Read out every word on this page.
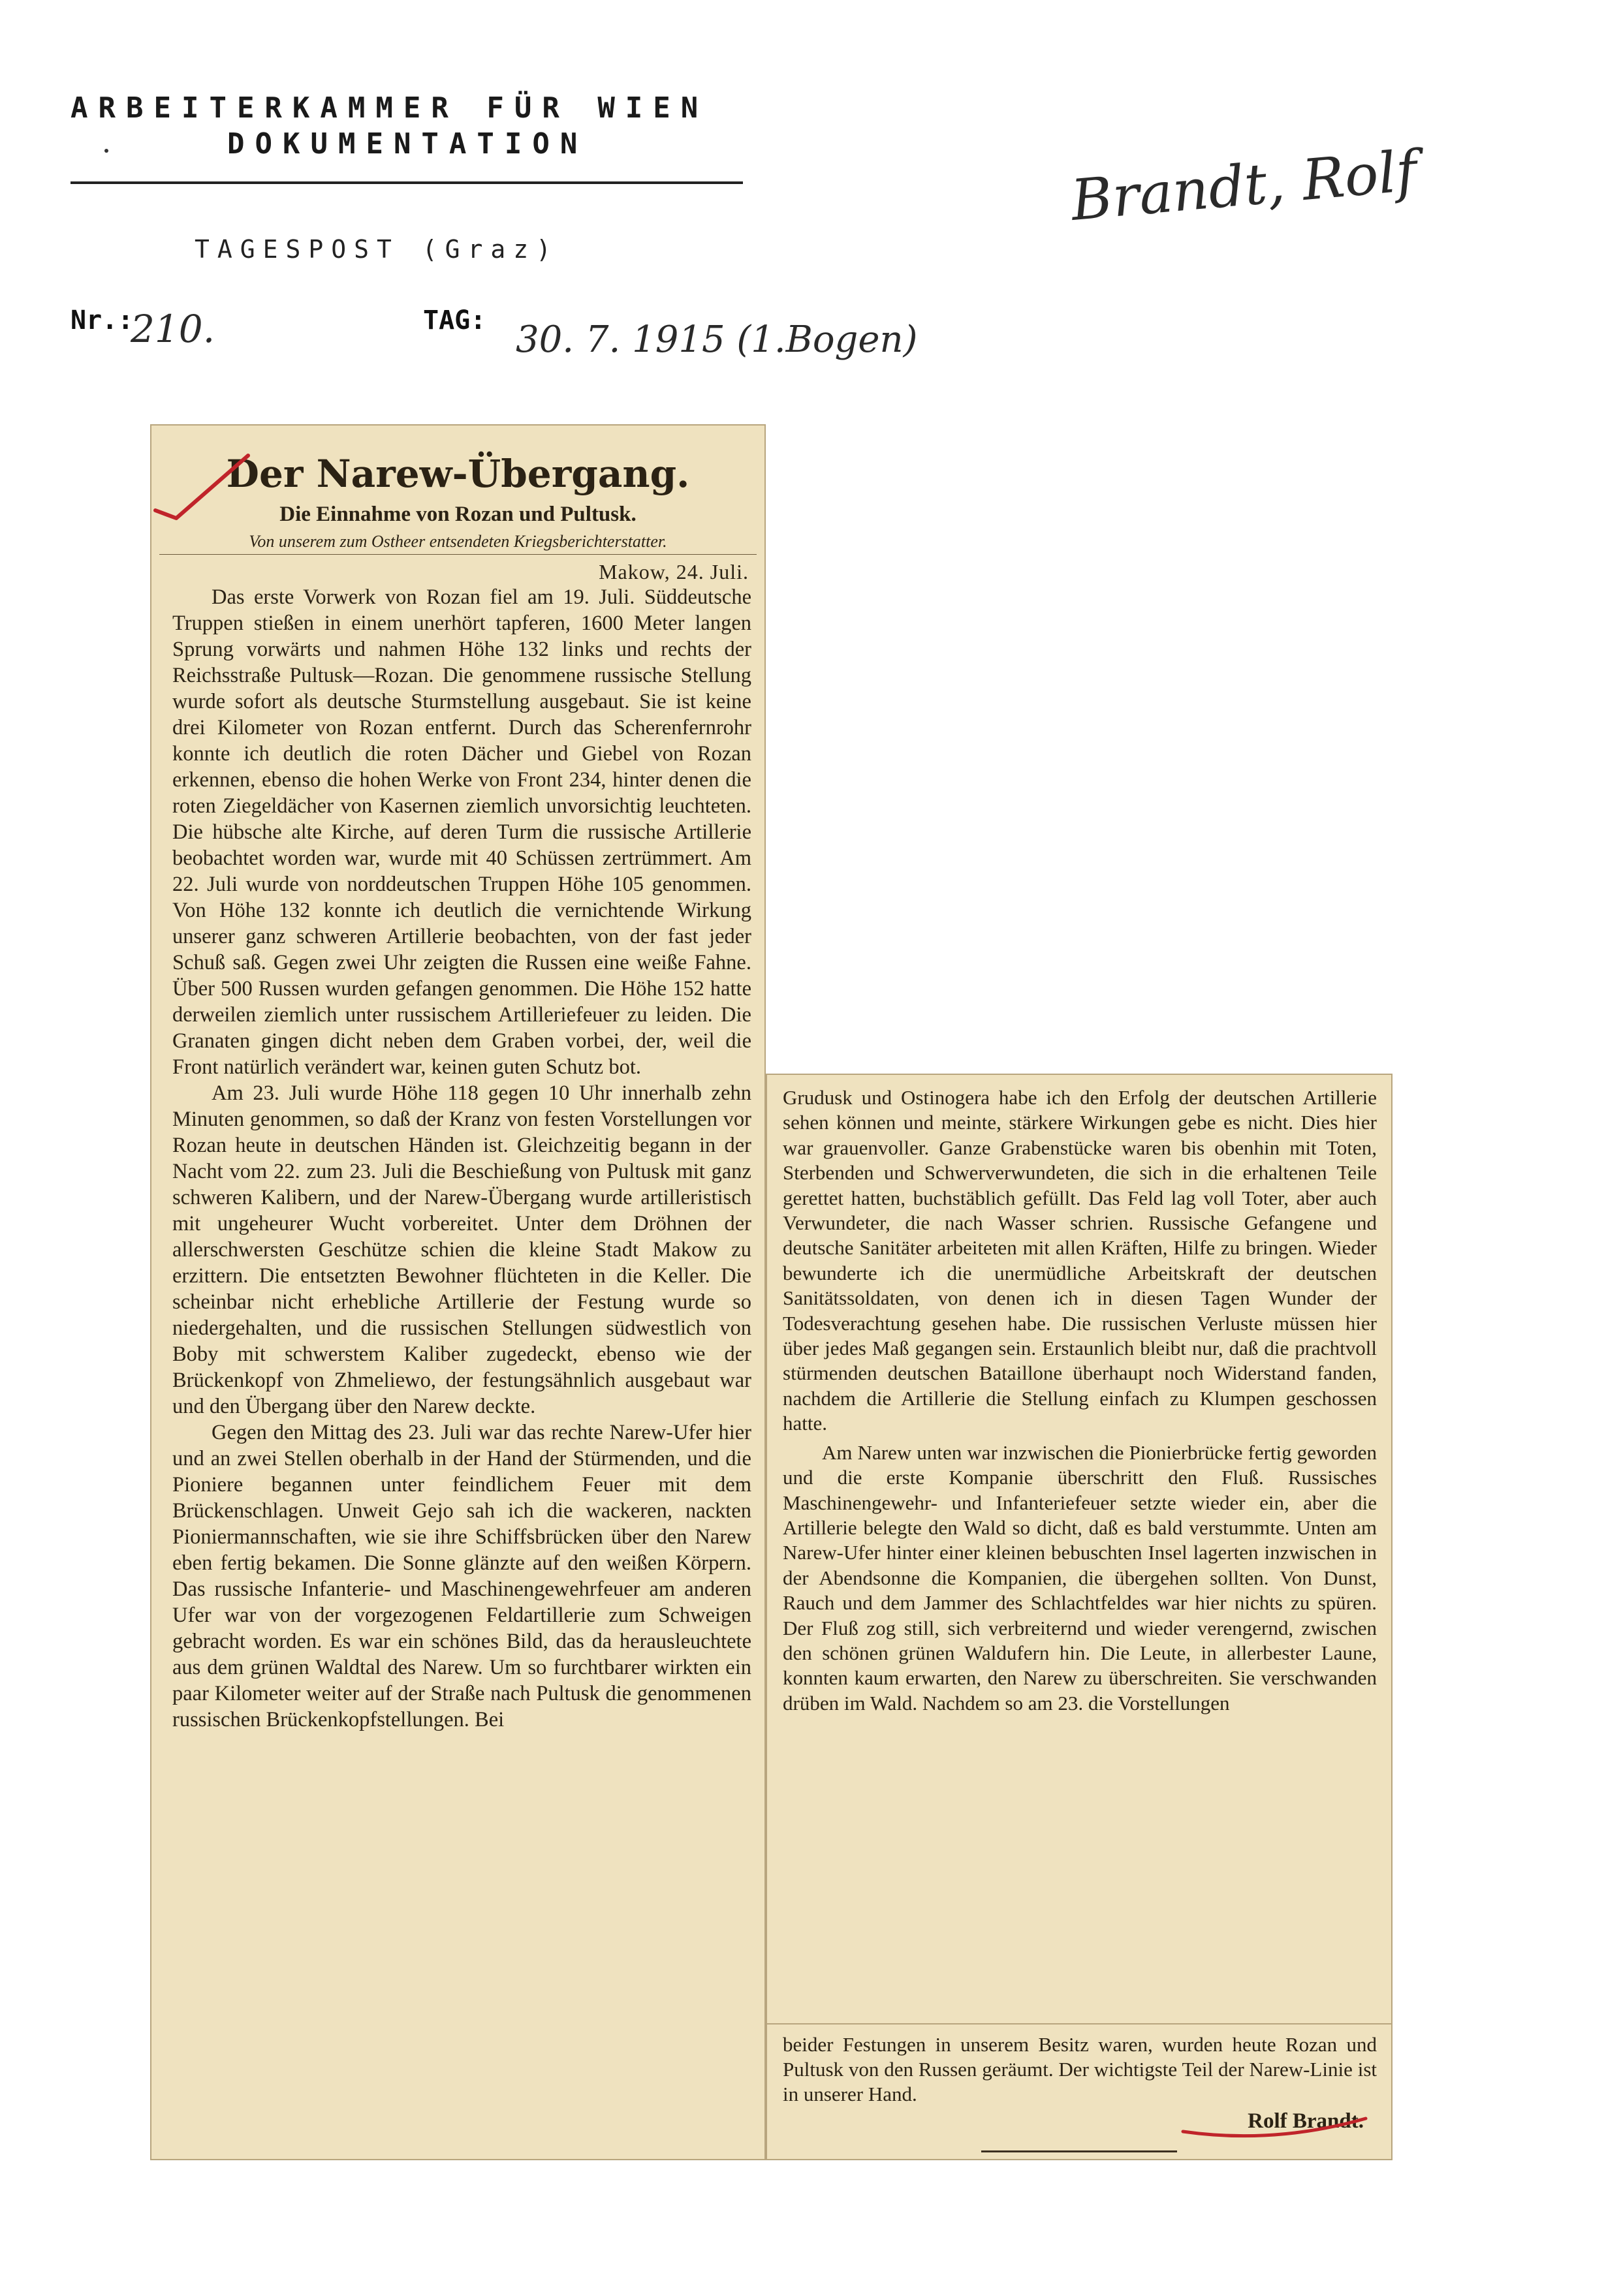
ARBEITERKAMMER FÜR WIEN
DOKUMENTATION
TAGESPOST (Graz)
Nr.:
210.	TAG: 30. 7. 1915 (1.Bogen)
Brandt, Rolf
Der Narew-Übergang.
Die Einnahme von Rozan und Pultusk.
Von unserem zum Ostheer entsendeten Kriegsberichterstatter.
Makow, 24. Juli.

Das erste Vorwerk von Rozan fiel am 19. Juli. Süddeutsche Truppen stießen in einem unerhört tapferen, 1600 Meter langen Sprung vorwärts und nahmen Höhe 132 links und rechts der Reichsstraße Pultusk—Rozan. Die genommene russische Stellung wurde sofort als deutsche Sturmstellung ausgebaut. Sie ist keine drei Kilometer von Rozan entfernt. Durch das Scherenfernrohr konnte ich deutlich die roten Dächer und Giebel von Rozan erkennen, ebenso die hohen Werke von Front 234, hinter denen die roten Ziegeldächer von Kasernen ziemlich unvorsichtig leuchteten. Die hübsche alte Kirche, auf deren Turm die russische Artillerie beobachtet worden war, wurde mit 40 Schüssen zertrümmert. Am 22. Juli wurde von norddeutschen Truppen Höhe 105 genommen. Von Höhe 132 konnte ich deutlich die vernichtende Wirkung unserer ganz schweren Artillerie beobachten, von der fast jeder Schuß saß. Gegen zwei Uhr zeigten die Russen eine weiße Fahne. Über 500 Russen wurden gefangen genommen. Die Höhe 152 hatte derweilen ziemlich unter russischem Artilleriefeuer zu leiden. Die Granaten gingen dicht neben dem Graben vorbei, der, weil die Front natürlich verändert war, keinen guten Schutz bot.

Am 23. Juli wurde Höhe 118 gegen 10 Uhr innerhalb zehn Minuten genommen, so daß der Kranz von festen Vorstellungen vor Rozan heute in deutschen Händen ist. Gleichzeitig begann in der Nacht vom 22. zum 23. Juli die Beschießung von Pultusk mit ganz schweren Kalibern, und der Narew-Übergang wurde artilleristisch mit ungeheurer Wucht vorbereitet. Unter dem Dröhnen der allerschwersten Geschütze schien die kleine Stadt Makow zu erzittern. Die entsetzten Bewohner flüchteten in die Keller. Die scheinbar nicht erhebliche Artillerie der Festung wurde so niedergehalten, und die russischen Stellungen südwestlich von Boby mit schwerstem Kaliber zugedeckt, ebenso wie der Brückenkopf von Zhmeliewo, der festungsähnlich ausgebaut war und den Übergang über den Narew deckte.

Gegen den Mittag des 23. Juli war das rechte Narew-Ufer hier und an zwei Stellen oberhalb in der Hand der Stürmenden, und die Pioniere begannen unter feindlichem Feuer mit dem Brückenschlagen. Unweit Gejo sah ich die wackeren, nackten Pioniermannschaften, wie sie ihre Schiffsbrücken über den Narew eben fertig bekamen. Die Sonne glänzte auf den weißen Körpern. Das russische Infanterie- und Maschinengewehrfeuer am anderen Ufer war von der vorgezogenen Feldartillerie zum Schweigen gebracht worden. Es war ein schönes Bild, das da herausleuchtete aus dem grünen Waldtal des Narew. Um so furchtbarer wirkten ein paar Kilometer weiter auf der Straße nach Pultusk die genommenen russischen Brückenkopfstellungen. Bei

Grudusk und Ostinogera habe ich den Erfolg der deutschen Artillerie sehen können und meinte, stärkere Wirkungen gebe es nicht. Dies hier war grauenvoller. Ganze Grabenstücke waren bis obenhin mit Toten, Sterbenden und Schwerverwundeten, die sich in die erhaltenen Teile gerettet hatten, buchstäblich gefüllt. Das Feld lag voll Toter, aber auch Verwundeter, die nach Wasser schrien. Russische Gefangene und deutsche Sanitäter arbeiteten mit allen Kräften, Hilfe zu bringen. Wieder bewunderte ich die unermüdliche Arbeitskraft der deutschen Sanitätssoldaten, von denen ich in diesen Tagen Wunder der Todesverachtung gesehen habe. Die russischen Verluste müssen hier über jedes Maß gegangen sein. Erstaunlich bleibt nur, daß die prachtvoll stürmenden deutschen Bataillone überhaupt noch Widerstand fanden, nachdem die Artillerie die Stellung einfach zu Klumpen geschossen hatte.

Am Narew unten war inzwischen die Pionierbrücke fertig geworden und die erste Kompanie überschritt den Fluß. Russisches Maschinengewehr- und Infanteriefeuer setzte wieder ein, aber die Artillerie belegte den Wald so dicht, daß es bald verstummte. Unten am Narew-Ufer hinter einer kleinen bebuschten Insel lagerten inzwischen in der Abendsonne die Kompanien, die übergehen sollten. Von Dunst, Rauch und dem Jammer des Schlachtfeldes war hier nichts zu spüren. Der Fluß zog still, sich verbreiternd und wieder verengernd, zwischen den schönen grünen Waldufern hin. Die Leute, in allerbester Laune, konnten kaum erwarten, den Narew zu überschreiten. Sie verschwanden drüben im Wald. Nachdem so am 23. die Vorstellungen

beider Festungen in unserem Besitz waren, wurden heute Rozan und Pultusk von den Russen geräumt. Der wichtigste Teil der Narew-Linie ist in unserer Hand.

Rolf Brandt.
